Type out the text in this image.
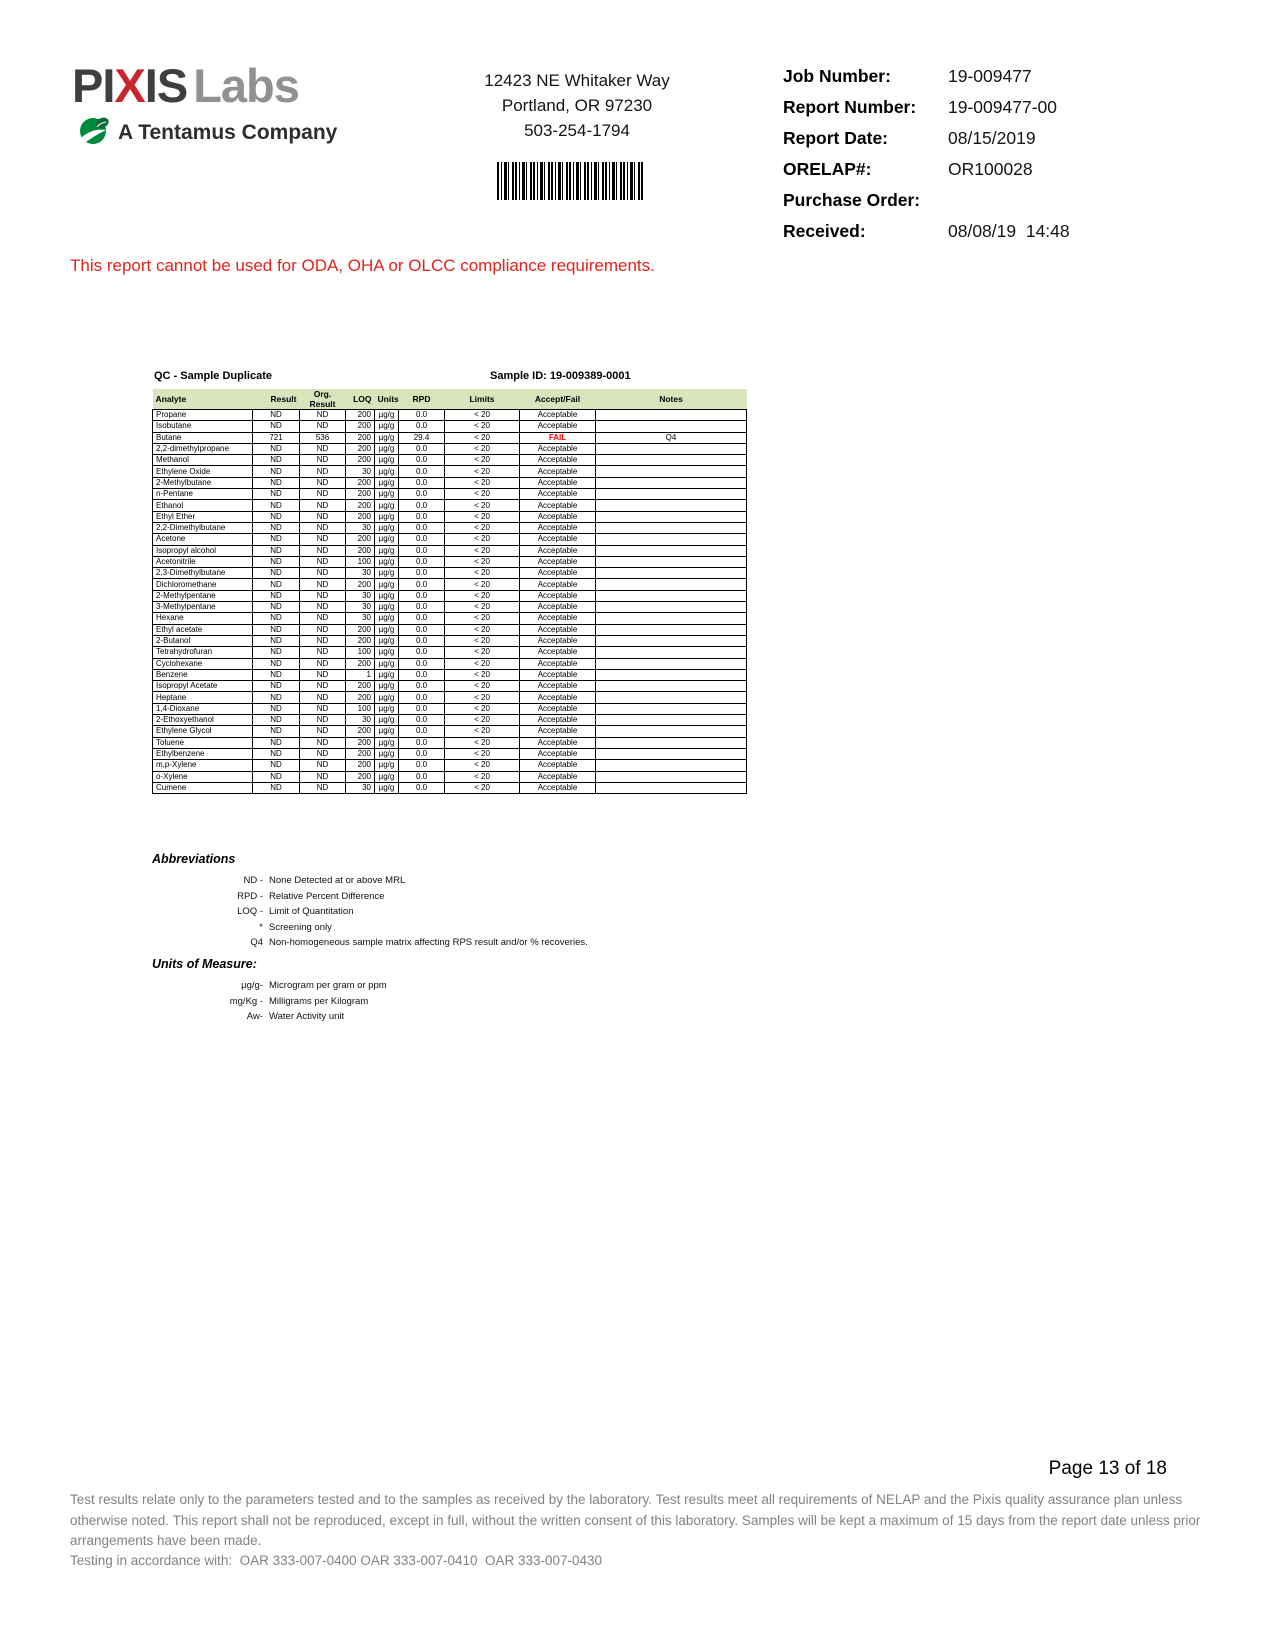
PIXIS Labs
A Tentamus Company
12423 NE Whitaker Way
Portland, OR 97230
503-254-1794
Job Number:	19-009477
Report Number:	19-009477-00
Report Date:	08/15/2019
ORELAP#:	OR100028
Purchase Order:
Received:	08/08/19  14:48
This report cannot be used for ODA, OHA or OLCC compliance requirements.
QC - Sample Duplicate	Sample ID: 19-009389-0001
Analyte	Result	Org. Result	LOQ	Units	RPD	Limits	Accept/Fail	Notes
Propane	ND	ND	200	µg/g	0.0	< 20	Acceptable	
Isobutane	ND	ND	200	µg/g	0.0	< 20	Acceptable	
Butane	721	536	200	µg/g	29.4	< 20	FAIL	Q4
2,2-dimethylpropane	ND	ND	200	µg/g	0.0	< 20	Acceptable	
Methanol	ND	ND	200	µg/g	0.0	< 20	Acceptable	
Ethylene Oxide	ND	ND	30	µg/g	0.0	< 20	Acceptable	
2-Methylbutane	ND	ND	200	µg/g	0.0	< 20	Acceptable	
n-Pentane	ND	ND	200	µg/g	0.0	< 20	Acceptable	
Ethanol	ND	ND	200	µg/g	0.0	< 20	Acceptable	
Ethyl Ether	ND	ND	200	µg/g	0.0	< 20	Acceptable	
2,2-Dimethylbutane	ND	ND	30	µg/g	0.0	< 20	Acceptable	
Acetone	ND	ND	200	µg/g	0.0	< 20	Acceptable	
Isopropyl alcohol	ND	ND	200	µg/g	0.0	< 20	Acceptable	
Acetonitrile	ND	ND	100	µg/g	0.0	< 20	Acceptable	
2,3-Dimethylbutane	ND	ND	30	µg/g	0.0	< 20	Acceptable	
Dichloromethane	ND	ND	200	µg/g	0.0	< 20	Acceptable	
2-Methylpentane	ND	ND	30	µg/g	0.0	< 20	Acceptable	
3-Methylpentane	ND	ND	30	µg/g	0.0	< 20	Acceptable	
Hexane	ND	ND	30	µg/g	0.0	< 20	Acceptable	
Ethyl acetate	ND	ND	200	µg/g	0.0	< 20	Acceptable	
2-Butanol	ND	ND	200	µg/g	0.0	< 20	Acceptable	
Tetrahydrofuran	ND	ND	100	µg/g	0.0	< 20	Acceptable	
Cyclohexane	ND	ND	200	µg/g	0.0	< 20	Acceptable	
Benzene	ND	ND	1	µg/g	0.0	< 20	Acceptable	
Isopropyl Acetate	ND	ND	200	µg/g	0.0	< 20	Acceptable	
Heptane	ND	ND	200	µg/g	0.0	< 20	Acceptable	
1,4-Dioxane	ND	ND	100	µg/g	0.0	< 20	Acceptable	
2-Ethoxyethanol	ND	ND	30	µg/g	0.0	< 20	Acceptable	
Ethylene Glycol	ND	ND	200	µg/g	0.0	< 20	Acceptable	
Toluene	ND	ND	200	µg/g	0.0	< 20	Acceptable	
Ethylbenzene	ND	ND	200	µg/g	0.0	< 20	Acceptable	
m,p-Xylene	ND	ND	200	µg/g	0.0	< 20	Acceptable	
o-Xylene	ND	ND	200	µg/g	0.0	< 20	Acceptable	
Cumene	ND	ND	30	µg/g	0.0	< 20	Acceptable	
Abbreviations
ND - None Detected at or above MRL
RPD - Relative Percent Difference
LOQ - Limit of Quantitation
* Screening only
Q4 Non-homogeneous sample matrix affecting RPS result and/or % recoveries.
Units of Measure:
µg/g- Microgram per gram or ppm
mg/Kg - Milligrams per Kilogram
Aw- Water Activity unit
Page 13 of 18
Test results relate only to the parameters tested and to the samples as received by the laboratory. Test results meet all requirements of NELAP and the Pixis quality assurance plan unless otherwise noted. This report shall not be reproduced, except in full, without the written consent of this laboratory. Samples will be kept a maximum of 15 days from the report date unless prior arrangements have been made.
Testing in accordance with:  OAR 333-007-0400 OAR 333-007-0410  OAR 333-007-0430
